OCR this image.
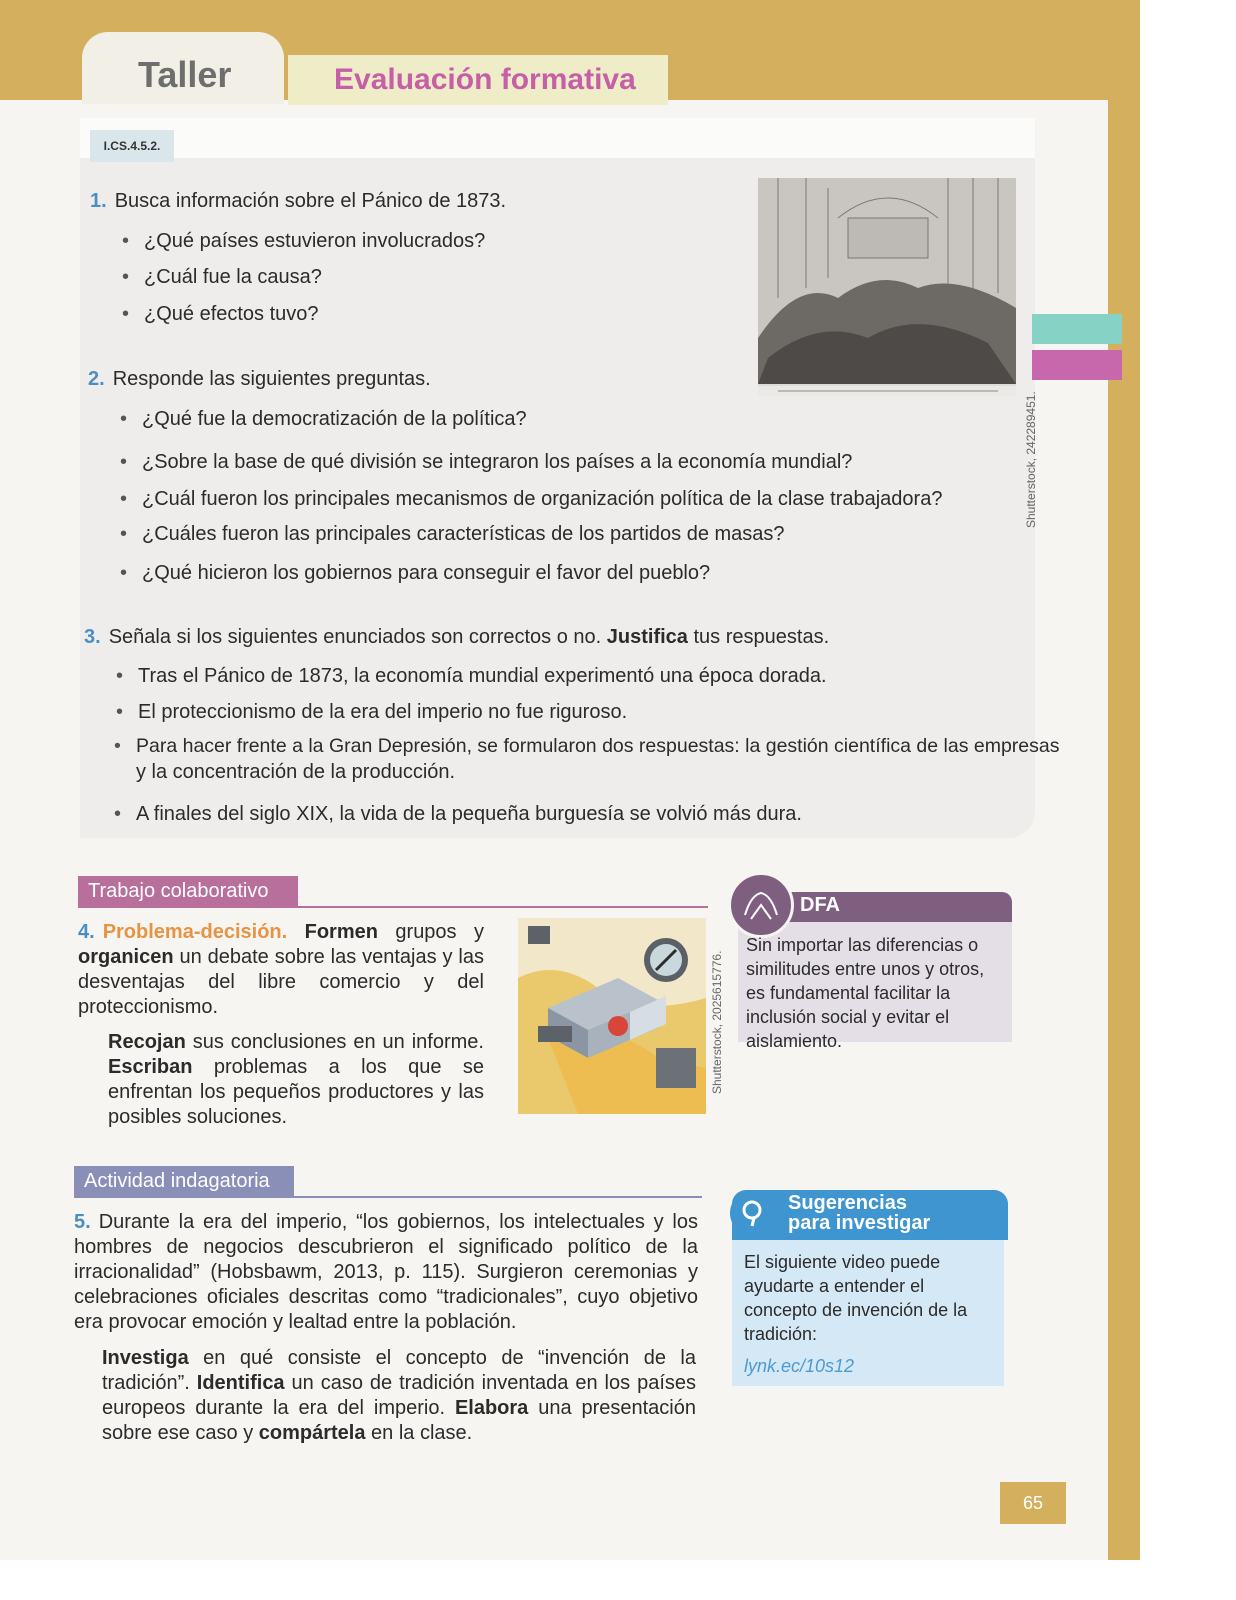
Taller	Evaluación formativa
I.CS.4.5.2.
Shutterstock, 242289451.
1. Busca información sobre el Pánico de 1873.
• ¿Qué países estuvieron involucrados?
• ¿Cuál fue la causa?
• ¿Qué efectos tuvo?
2. Responde las siguientes preguntas.
• ¿Qué fue la democratización de la política?
• ¿Sobre la base de qué división se integraron los países a la economía mundial?
• ¿Cuál fueron los principales mecanismos de organización política de la clase trabajadora?
• ¿Cuáles fueron las principales características de los partidos de masas?
• ¿Qué hicieron los gobiernos para conseguir el favor del pueblo?
3. Señala si los siguientes enunciados son correctos o no. Justifica tus respuestas.
• Tras el Pánico de 1873, la economía mundial experimentó una época dorada.
• El proteccionismo de la era del imperio no fue riguroso.
• Para hacer frente a la Gran Depresión, se formularon dos respuestas: la gestión científica de las empresas
y la concentración de la producción.
• A finales del siglo XIX, la vida de la pequeña burguesía se volvió más dura.
Trabajo colaborativo
4. Problema-decisión. Formen grupos y organicen un debate sobre las ventajas y las desventajas del libre comercio y del proteccionismo.
Recojan sus conclusiones en un informe. Escriban problemas a los que se enfrentan los pequeños productores y las posibles soluciones.
Shutterstock, 2025615776.
DFA
Sin importar las diferencias o similitudes entre unos y otros, es fundamental facilitar la inclusión social y evitar el aislamiento.
Actividad indagatoria
5. Durante la era del imperio, “los gobiernos, los intelectuales y los hombres de negocios descubrieron el significado político de la irracionalidad” (Hobsbawm, 2013, p. 115). Surgieron ceremonias y celebraciones oficiales descritas como “tradicionales”, cuyo objetivo era provocar emoción y lealtad entre la población.
Investiga en qué consiste el concepto de “invención de la tradición”. Identifica un caso de tradición inventada en los países europeos durante la era del imperio. Elabora una presentación sobre ese caso y compártela en la clase.
Sugerencias
para investigar
El siguiente video puede ayudarte a entender el concepto de invención de la tradición:
lynk.ec/10s12
65
